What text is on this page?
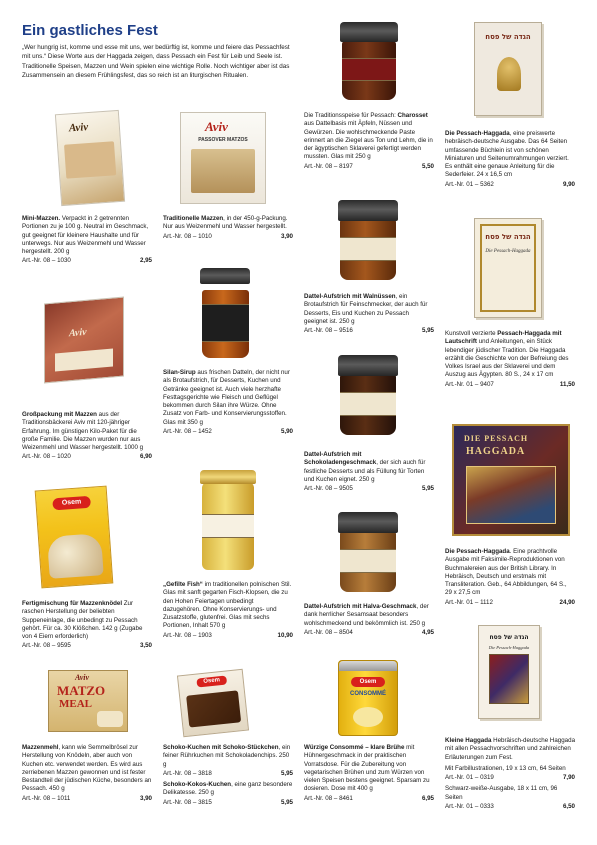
Ein gastliches Fest
„Wer hungrig ist, komme und esse mit uns, wer bedürftig ist, komme und feiere das Pessachfest mit uns.“ Diese Worte aus der Haggada zeigen, dass Pessach ein Fest für Leib und Seele ist. Traditionelle Speisen, Mazzen und Wein spielen eine wichtige Rolle. Noch wichtiger aber ist das Zusammensein an diesem Frühlingsfest, das so reich ist an liturgischen Ritualen.
Aviv
Mini-Mazzen. Verpackt in 2 getrennten Portionen zu je 100 g. Neutral im Geschmack, gut geeignet für kleinere Haushalte und für unterwegs. Nur aus Weizenmehl und Wasser hergestellt. 200 g
Art.-Nr. 08 – 1030	2,95
Aviv
Großpackung mit Mazzen aus der Traditionsbäckerei Aviv mit 120-jähriger Erfahrung. Im günstigen Kilo-Paket für die große Familie. Die Mazzen wurden nur aus Weizenmehl und Wasser hergestellt. 1000 g
Art.-Nr. 08 – 1020	6,90
Osem
Fertigmischung für Mazzenknödel Zur raschen Herstellung der beliebten Suppeneinlage, die unbedingt zu Pessach gehört. Für ca. 30 Klößchen. 142 g (Zugabe von 4 Eiern erforderlich)
Art.-Nr. 08 – 9595	3,50
Aviv
MATZO
MEAL
Mazzenmehl, kann wie Semmelbrösel zur Herstellung von Knödeln, aber auch von Kuchen etc. verwendet werden. Es wird aus zerriebenen Mazzen gewonnen und ist fester Bestandteil der jüdischen Küche, besonders an Pessach. 450 g
Art.-Nr. 08 – 1011	3,90
Aviv
PASSOVER MATZOS
Traditionelle Mazzen, in der 450-g-Packung. Nur aus Weizenmehl und Wasser hergestellt.
Art.-Nr. 08 – 1010	3,90
Silan-Sirup aus frischen Datteln, der nicht nur als Brotaufstrich, für Desserts, Kuchen und Getränke geeignet ist. Auch viele herzhafte Festtagsgerichte wie Fleisch und Geflügel bekommen durch Silan ihre Würze. Ohne Zusatz von Farb- und Konservierungsstoffen. Glas mit 350 g
Art.-Nr. 08 – 1452	5,90
„Gefilte Fish“ im traditionellen polnischen Stil. Glas mit sanft gegarten Fisch-Klopsen, die zu den Hohen Feiertagen unbedingt dazugehören. Ohne Konservierungs- und Zusatzstoffe, glutenfrei. Glas mit sechs Portionen, Inhalt 570 g
Art.-Nr. 08 – 1903	10,90
Osem
Schoko-Kuchen mit Schoko-Stückchen, ein feiner Rührkuchen mit Schokoladenchips. 250 g
Art.-Nr. 08 – 3818	5,95
Schoko-Kokos-Kuchen, eine ganz besondere Delikatesse. 250 g
Art.-Nr. 08 – 3815	5,95
Die Traditionsspeise für Pessach: Charosset aus Dattelbasis mit Äpfeln, Nüssen und Gewürzen. Die wohlschmeckende Paste erinnert an die Ziegel aus Ton und Lehm, die in der ägyptischen Sklaverei gefertigt werden mussten. Glas mit 250 g
Art.-Nr. 08 – 8197	5,50
Dattel-Aufstrich mit Walnüssen, ein Brotaufstrich für Feinschmecker, der auch für Desserts, Eis und Kuchen zu Pessach geeignet ist. 250 g
Art.-Nr. 08 – 9516	5,95
Dattel-Aufstrich mit Schokoladengeschmack, der sich auch für festliche Desserts und als Füllung für Torten und Kuchen eignet. 250 g
Art.-Nr. 08 – 9505	5,95
Dattel-Aufstrich mit Halva-Geschmack, der dank herrlicher Sesamsaat besonders wohlschmeckend und bekömmlich ist. 250 g
Art.-Nr. 08 – 8504	4,95
Osem
CONSOMMÉ
Würzige Consommé – klare Brühe mit Hühnergeschmack in der praktischen Vorratsdose. Für die Zubereitung von vegetarischen Brühen und zum Würzen von vielen Speisen bestens geeignet. Sparsam zu dosieren. Dose mit 400 g
Art.-Nr. 08 – 8461	6,95
הגדה של פסח
Die Pessach-Haggada, eine preiswerte hebräisch-deutsche Ausgabe. Das 64 Seiten umfassende Büchlein ist von schönen Miniaturen und Seitenumrahmungen verziert. Es enthält eine genaue Anleitung für die Sederfeier. 24 x 16,5 cm
Art.-Nr. 01 – 5362	9,90
הגדה של פסח
Die Pessach-Haggada
Kunstvoll verzierte Pessach-Haggada mit Lautschrift und Anleitungen, ein Stück lebendiger jüdischer Tradition. Die Haggada erzählt die Geschichte von der Befreiung des Volkes Israel aus der Sklaverei und dem Auszug aus Ägypten. 80 S., 24 x 17 cm
Art.-Nr. 01 – 9407	11,50
DIE PESSACH
HAGGADA
Die Pessach-Haggada. Eine prachtvolle Ausgabe mit Faksimile-Reproduktionen von Buchmalereien aus der British Library. In Hebräisch, Deutsch und erstmals mit Transliteration. Geb., 64 Abbildungen, 64 S., 29 x 27,5 cm
Art.-Nr. 01 – 1112	24,90
הגדה של פסח
Die Pessach-Haggada
Kleine Haggada Hebräisch-deutsche Haggada mit allen Pessachvorschriften und zahlreichen Erläuterungen zum Fest.
Mit Farbillustrationen, 19 x 13 cm, 64 Seiten
Art.-Nr. 01 – 0319	7,90
Schwarz-weiße-Ausgabe, 18 x 11 cm, 96 Seiten
Art.-Nr. 01 – 0333	6,50
